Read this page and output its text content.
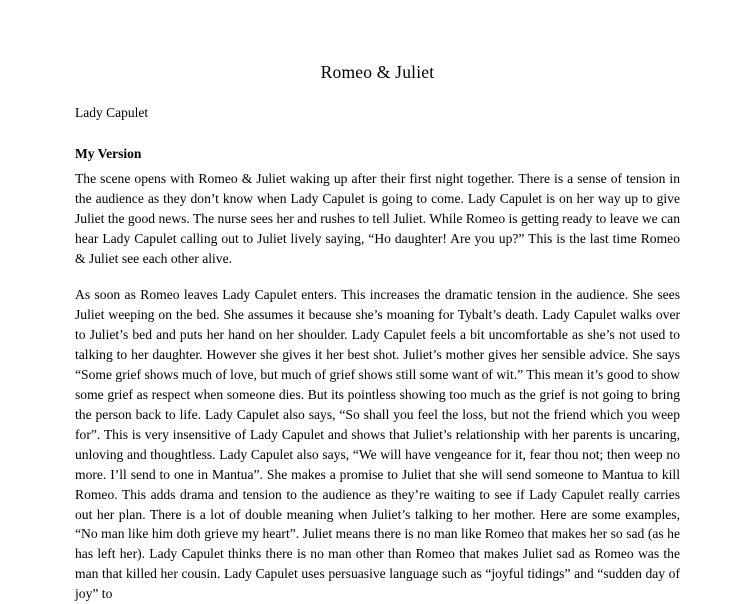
Romeo & Juliet
Lady Capulet
My Version

The scene opens with Romeo & Juliet waking up after their first night together. There is a sense of tension in the audience as they don’t know when Lady Capulet is going to come. Lady Capulet is on her way up to give Juliet the good news. The nurse sees her and rushes to tell Juliet. While Romeo is getting ready to leave we can hear Lady Capulet calling out to Juliet lively saying, “Ho daughter! Are you up?” This is the last time Romeo & Juliet see each other alive.

As soon as Romeo leaves Lady Capulet enters. This increases the dramatic tension in the audience. She sees Juliet weeping on the bed. She assumes it because she’s moaning for Tybalt’s death. Lady Capulet walks over to Juliet’s bed and puts her hand on her shoulder. Lady Capulet feels a bit uncomfortable as she’s not used to talking to her daughter. However she gives it her best shot. Juliet’s mother gives her sensible advice. She says “Some grief shows much of love, but much of grief shows still some want of wit.” This mean it’s good to show some grief as respect when someone dies. But its pointless showing too much as the grief is not going to bring the person back to life. Lady Capulet also says, “So shall you feel the loss, but not the friend which you weep for”. This is very insensitive of Lady Capulet and shows that Juliet’s relationship with her parents is uncaring, unloving and thoughtless. Lady Capulet also says, “We will have vengeance for it, fear thou not; then weep no more. I’ll send to one in Mantua”. She makes a promise to Juliet that she will send someone to Mantua to kill Romeo. This adds drama and tension to the audience as they’re waiting to see if Lady Capulet really carries out her plan. There is a lot of double meaning when Juliet’s talking to her mother. Here are some examples, “No man like him doth grieve my heart”. Juliet means there is no man like Romeo that makes her so sad (as he has left her). Lady Capulet thinks there is no man other than Romeo that makes Juliet sad as Romeo was the man that killed her cousin. Lady Capulet uses persuasive language such as “joyful tidings” and “sudden day of joy” to
